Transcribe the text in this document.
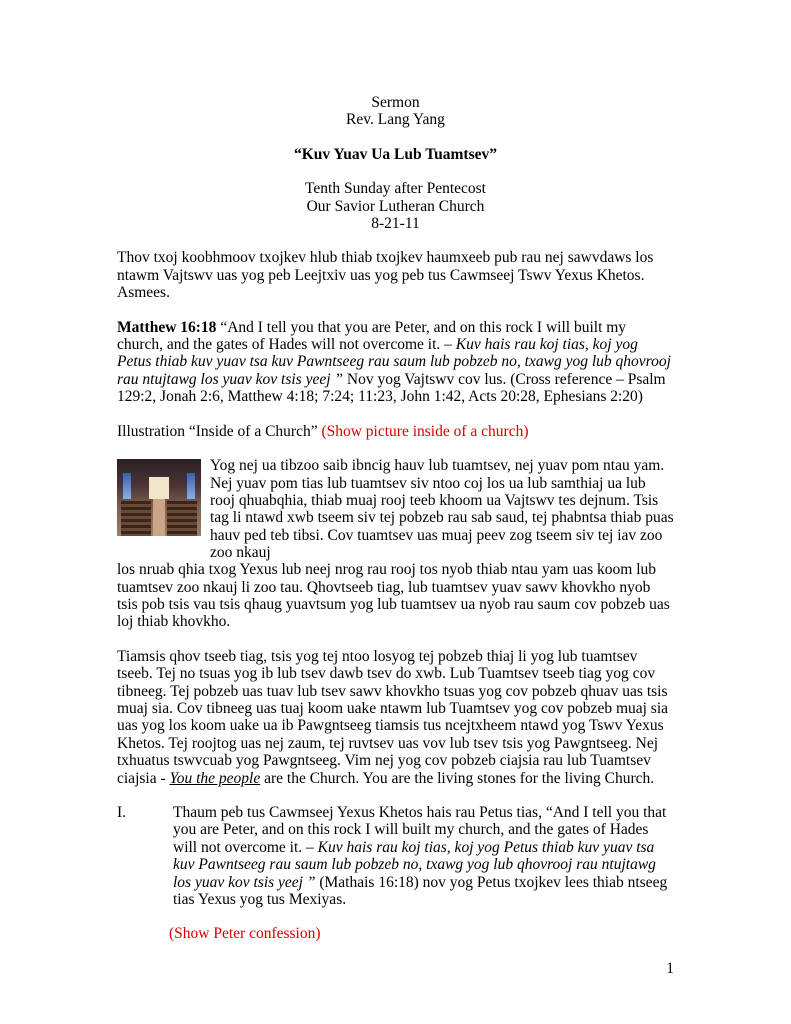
Sermon

Rev. Lang Yang

“Kuv Yuav Ua Lub Tuamtsev”

Tenth Sunday after Pentecost

Our Savior Lutheran Church

8-21-11

Thov txoj koobhmoov txojkev hlub thiab txojkev haumxeeb pub rau nej sawvdaws los ntawm Vajtswv uas yog peb Leejtxiv uas yog peb tus Cawmseej Tswv Yexus Khetos. Asmees.

Matthew 16:18 “And I tell you that you are Peter, and on this rock I will built my church, and the gates of Hades will not overcome it. – Kuv hais rau koj tias, koj yog Petus thiab kuv yuav tsa kuv Pawntseeg rau saum lub pobzeb no, txawg yog lub qhovrooj rau ntujtawg los yuav kov tsis yeej ” Nov yog Vajtswv cov lus. (Cross reference – Psalm 129:2, Jonah 2:6, Matthew 4:18; 7:24; 11:23, John 1:42, Acts 20:28, Ephesians 2:20)

Illustration “Inside of a Church” (Show picture inside of a church)

Yog nej ua tibzoo saib ibncig hauv lub tuamtsev, nej yuav pom ntau yam. Nej yuav pom tias lub tuamtsev siv ntoo coj los ua lub samthiaj ua lub rooj qhuabqhia, thiab muaj rooj teeb khoom ua Vajtswv tes dejnum. Tsis tag li ntawd xwb tseem siv tej pobzeb rau sab saud, tej phabntsa thiab puas hauv ped teb tibsi. Cov tuamtsev uas muaj peev zog tseem siv tej iav zoo zoo nkauj

los nruab qhia txog Yexus lub neej nrog rau rooj tos nyob thiab ntau yam uas koom lub tuamtsev zoo nkauj li zoo tau. Qhovtseeb tiag, lub tuamtsev yuav sawv khovkho nyob tsis pob tsis vau tsis qhaug yuavtsum yog lub tuamtsev ua nyob rau saum cov pobzeb uas loj thiab khovkho.

Tiamsis qhov tseeb tiag, tsis yog tej ntoo losyog tej pobzeb thiaj li yog lub tuamtsev tseeb. Tej no tsuas yog ib lub tsev dawb tsev do xwb. Lub Tuamtsev tseeb tiag yog cov tibneeg. Tej pobzeb uas tuav lub tsev sawv khovkho tsuas yog cov pobzeb qhuav uas tsis muaj sia. Cov tibneeg uas tuaj koom uake ntawm lub Tuamtsev yog cov pobzeb muaj sia uas yog los koom uake ua ib Pawgntseeg tiamsis tus ncejtxheem ntawd yog Tswv Yexus Khetos. Tej roojtog uas nej zaum, tej ruvtsev uas vov lub tsev tsis yog Pawgntseeg. Nej txhuatus tswvcuab yog Pawgntseeg. Vim nej yog cov pobzeb ciajsia rau lub Tuamtsev ciajsia - You the people are the Church. You are the living stones for the living Church.

I.	Thaum peb tus Cawmseej Yexus Khetos hais rau Petus tias, “And I tell you that you are Peter, and on this rock I will built my church, and the gates of Hades will not overcome it. – Kuv hais rau koj tias, koj yog Petus thiab kuv yuav tsa kuv Pawntseeg rau saum lub pobzeb no, txawg yog lub qhovrooj rau ntujtawg los yuav kov tsis yeej ” (Mathais 16:18) nov yog Petus txojkev lees thiab ntseeg tias Yexus yog tus Mexiyas.

(Show Peter confession)

1
